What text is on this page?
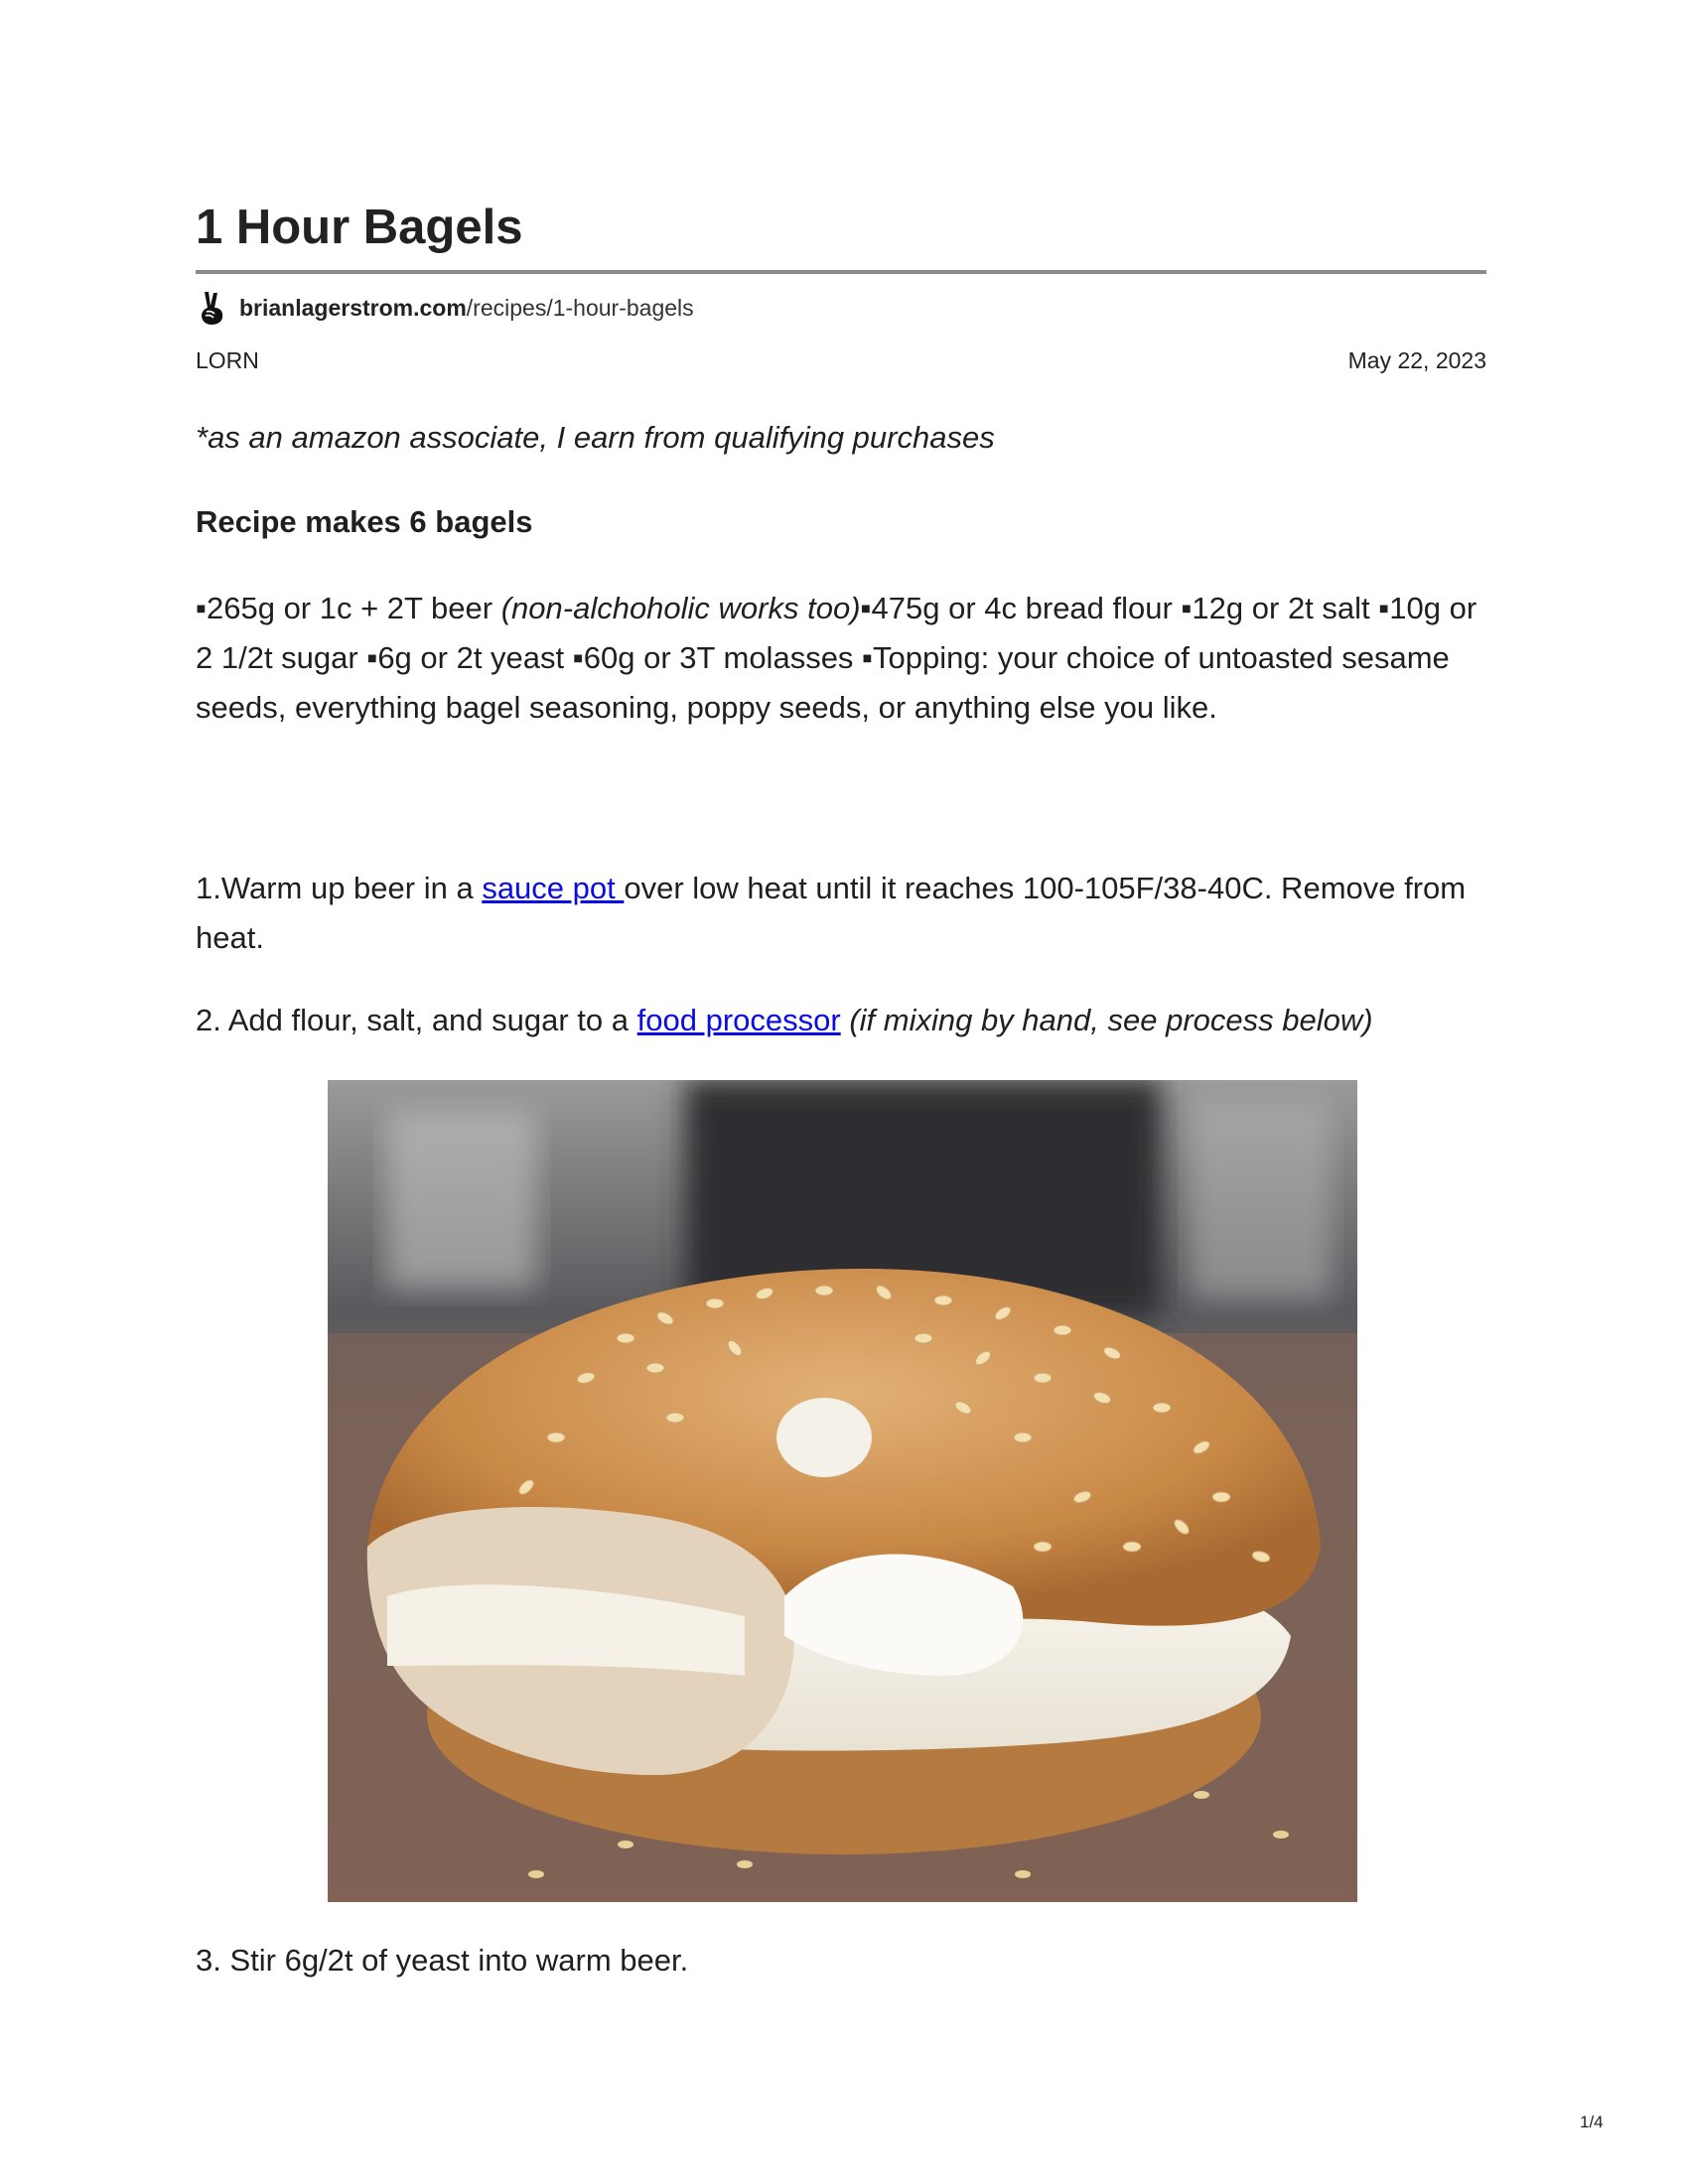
1 Hour Bagels
brianlagerstrom.com /recipes/1-hour-bagels
LORN	May 22, 2023
*as an amazon associate, I earn from qualifying purchases
Recipe makes 6 bagels
▪265g or 1c + 2T beer (non-alchoholic works too)▪475g or 4c bread flour ▪12g or 2t salt ▪10g or 2 1/2t sugar ▪6g or 2t yeast ▪60g or 3T molasses ▪Topping: your choice of untoasted sesame seeds, everything bagel seasoning, poppy seeds, or anything else you like.
1.Warm up beer in a sauce pot over low heat until it reaches 100-105F/38-40C. Remove from heat.
2. Add flour, salt, and sugar to a food processor (if mixing by hand, see process below)
3. Stir 6g/2t of yeast into warm beer.
1/4
